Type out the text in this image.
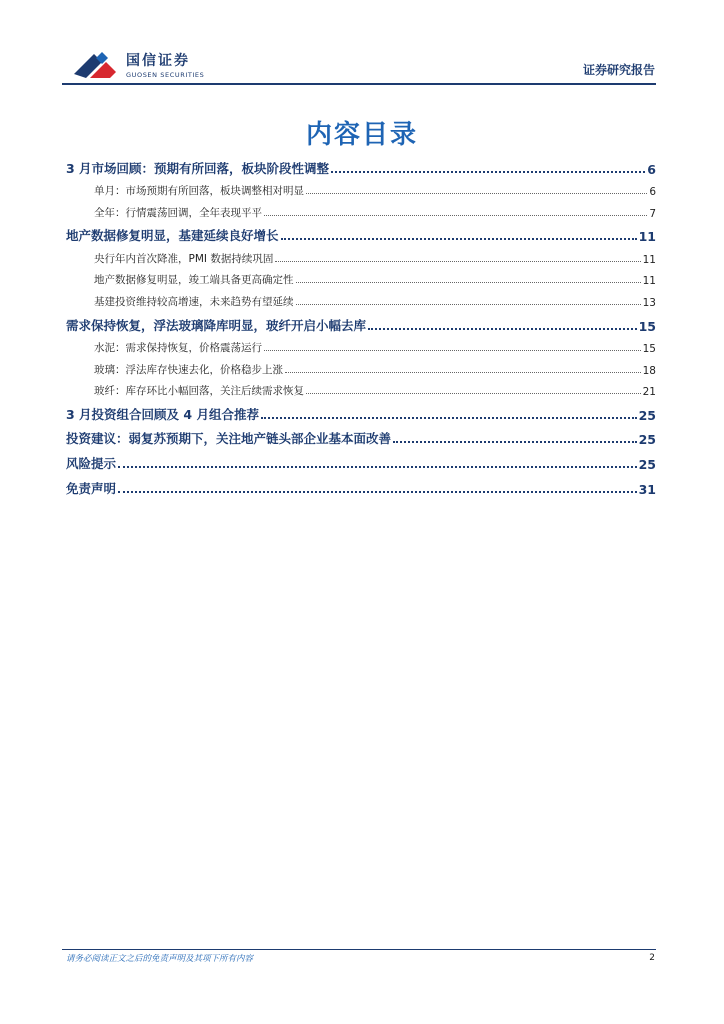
国信证券
GUOSEN SECURITIES	证券研究报告
内容目录
3 月市场回顾：预期有所回落，板块阶段性调整	6
单月：市场预期有所回落，板块调整相对明显	6
全年：行情震荡回调，全年表现平平	7
地产数据修复明显，基建延续良好增长	11
央行年内首次降准，PMI 数据持续巩固	11
地产数据修复明显，竣工端具备更高确定性	11
基建投资维持较高增速，未来趋势有望延续	13
需求保持恢复，浮法玻璃降库明显，玻纤开启小幅去库	15
水泥：需求保持恢复，价格震荡运行	15
玻璃：浮法库存快速去化，价格稳步上涨	18
玻纤：库存环比小幅回落，关注后续需求恢复	21
3 月投资组合回顾及 4 月组合推荐	25
投资建议：弱复苏预期下，关注地产链头部企业基本面改善	25
风险提示	25
免责声明	31
请务必阅读正文之后的免责声明及其项下所有内容	2
